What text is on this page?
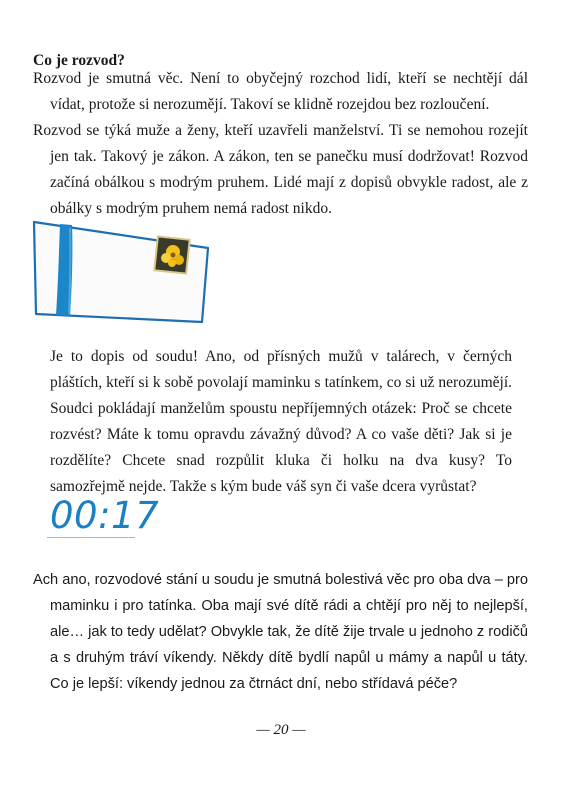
Co je rozvod?

Rozvod je smutná věc. Není to obyčejný rozchod lidí, kteří se nechtějí dál vídat, protože si nerozumějí. Takoví se klidně rozejdou bez rozloučení.

Rozvod se týká muže a ženy, kteří uzavřeli manželství. Ti se nemohou rozejít jen tak. Takový je zákon. A zákon, ten se panečku musí dodržovat! Rozvod začíná obálkou s modrým pruhem. Lidé mají z dopisů obvykle radost, ale z obálky s modrým pruhem nemá radost nikdo.

Je to dopis od soudu! Ano, od přísných mužů v talárech, v černých pláštích, kteří si k sobě povolají maminku s tatínkem, co si už nerozumějí. Soudci pokládají manželům spoustu nepříjemných otázek: Proč se chcete rozvést? Máte k tomu opravdu závažný důvod? A co vaše děti? Jak si je rozdělíte? Chcete snad rozpůlit kluka či holku na dva kusy? To samozřejmě nejde. Takže s kým bude váš syn či vaše dcera vyrůstat?

00:17

Ach ano, rozvodové stání u soudu je smutná bolestivá věc pro oba dva – pro maminku i pro tatínka. Oba mají své dítě rádi a chtějí pro něj to nejlepší, ale… jak to tedy udělat? Obvykle tak, že dítě žije trvale u jednoho z rodičů a s druhým tráví víkendy. Někdy dítě bydlí napůl u mámy a napůl u táty. Co je lepší: víkendy jednou za čtrnáct dní, nebo střídavá péče?

— 20 —
